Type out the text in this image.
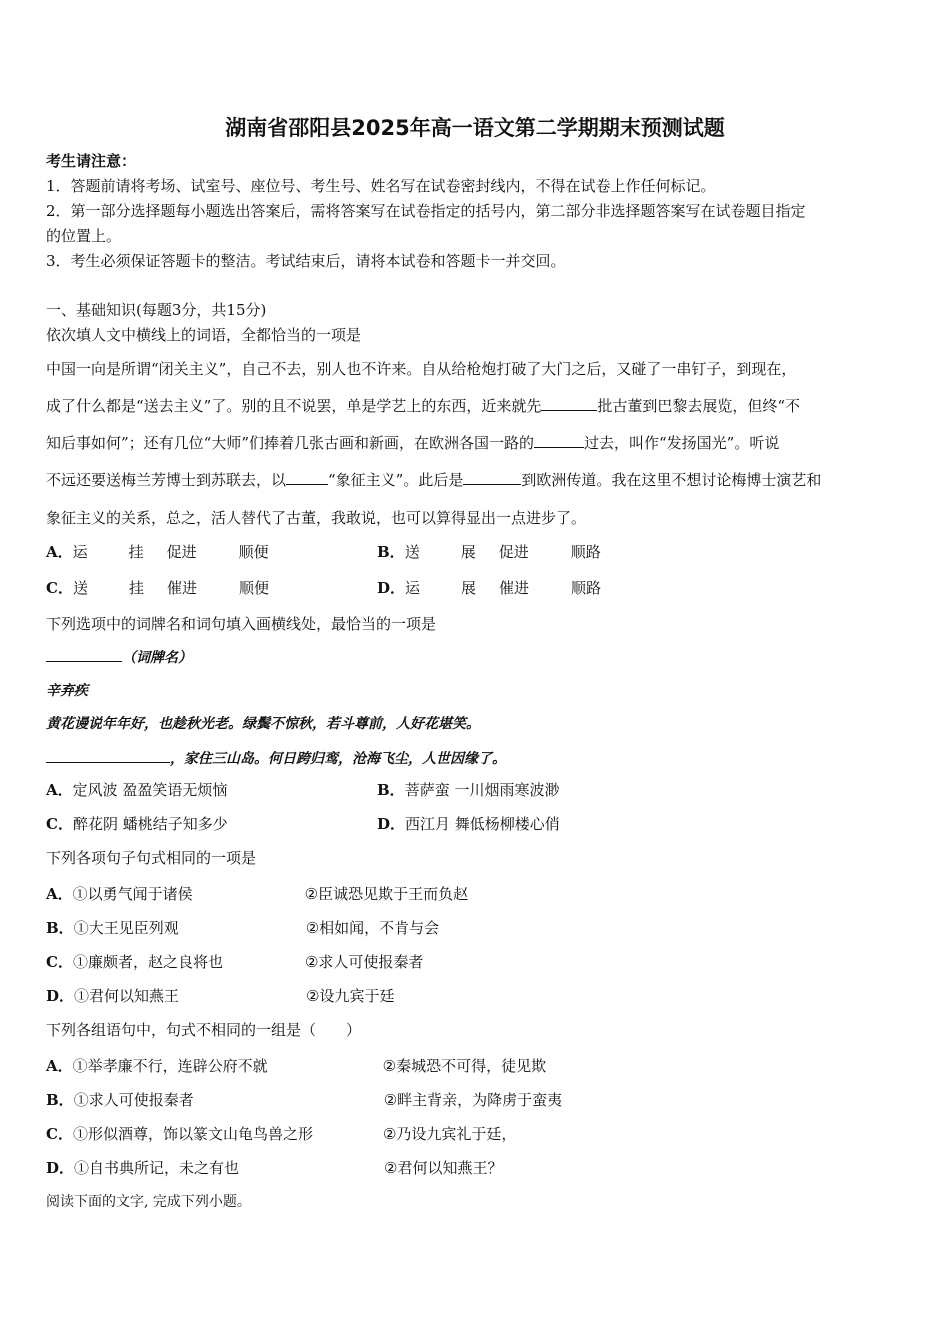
湖南省邵阳县2025年高一语文第二学期期末预测试题
考生请注意：
1．答题前请将考场、试室号、座位号、考生号、姓名写在试卷密封线内，不得在试卷上作任何标记。
2．第一部分选择题每小题选出答案后，需将答案写在试卷指定的括号内，第二部分非选择题答案写在试卷题目指定
的位置上。
3．考生必须保证答题卡的整洁。考试结束后，请将本试卷和答题卡一并交回。
一、基础知识(每题3分，共15分)
依次填人文中横线上的词语，全都恰当的一项是
中国一向是所谓“闭关主义”，自己不去，别人也不许来。自从给枪炮打破了大门之后，又碰了一串钉子，到现在，
成了什么都是“送去主义”了。别的且不说罢，单是学艺上的东西，近来就先	批古董到巴黎去展览，但终“不
知后事如何”；还有几位“大师”们捧着几张古画和新画，在欧洲各国一路的	过去，叫作“发扬国光”。听说
不远还要送梅兰芳博士到苏联去，以	“象征主义”。此后是	到欧洲传道。我在这里不想讨论梅博士演艺和
象征主义的关系，总之，活人替代了古董，我敢说，也可以算得显出一点进步了。
A．运	挂 促进	顺便	B．送	展 促进	顺路
C．送	挂 催进	顺便	D．运	展 催进	顺路
下列选项中的词牌名和词句填入画横线处，最恰当的一项是
（词牌名）
辛弃疾
黄花谩说年年好，也趁秋光老。绿鬓不惊秋，若斗尊前，人好花堪笑。
，家住三山岛。何日跨归鸾，沧海飞尘，人世因缘了。
A．定风波 盈盈笑语无烦恼	B．菩萨蛮 一川烟雨寒波渺
C．醉花阴 蟠桃结子知多少	D．西江月 舞低杨柳楼心俏
下列各项句子句式相同的一项是
A．①以勇气闻于诸侯	②臣诚恐见欺于王而负赵
B．①大王见臣列观	②相如闻，不肯与会
C．①廉颇者，赵之良将也	②求人可使报秦者
D．①君何以知燕王	②设九宾于廷
下列各组语句中，句式不相同的一组是（　　）
A．①举孝廉不行，连辟公府不就	②秦城恐不可得，徒见欺
B．①求人可使报秦者	②畔主背亲，为降虏于蛮夷
C．①形似酒尊，饰以篆文山龟鸟兽之形	②乃设九宾礼于廷，
D．①自书典所记，未之有也	②君何以知燕王？
阅读下面的文字, 完成下列小题。
